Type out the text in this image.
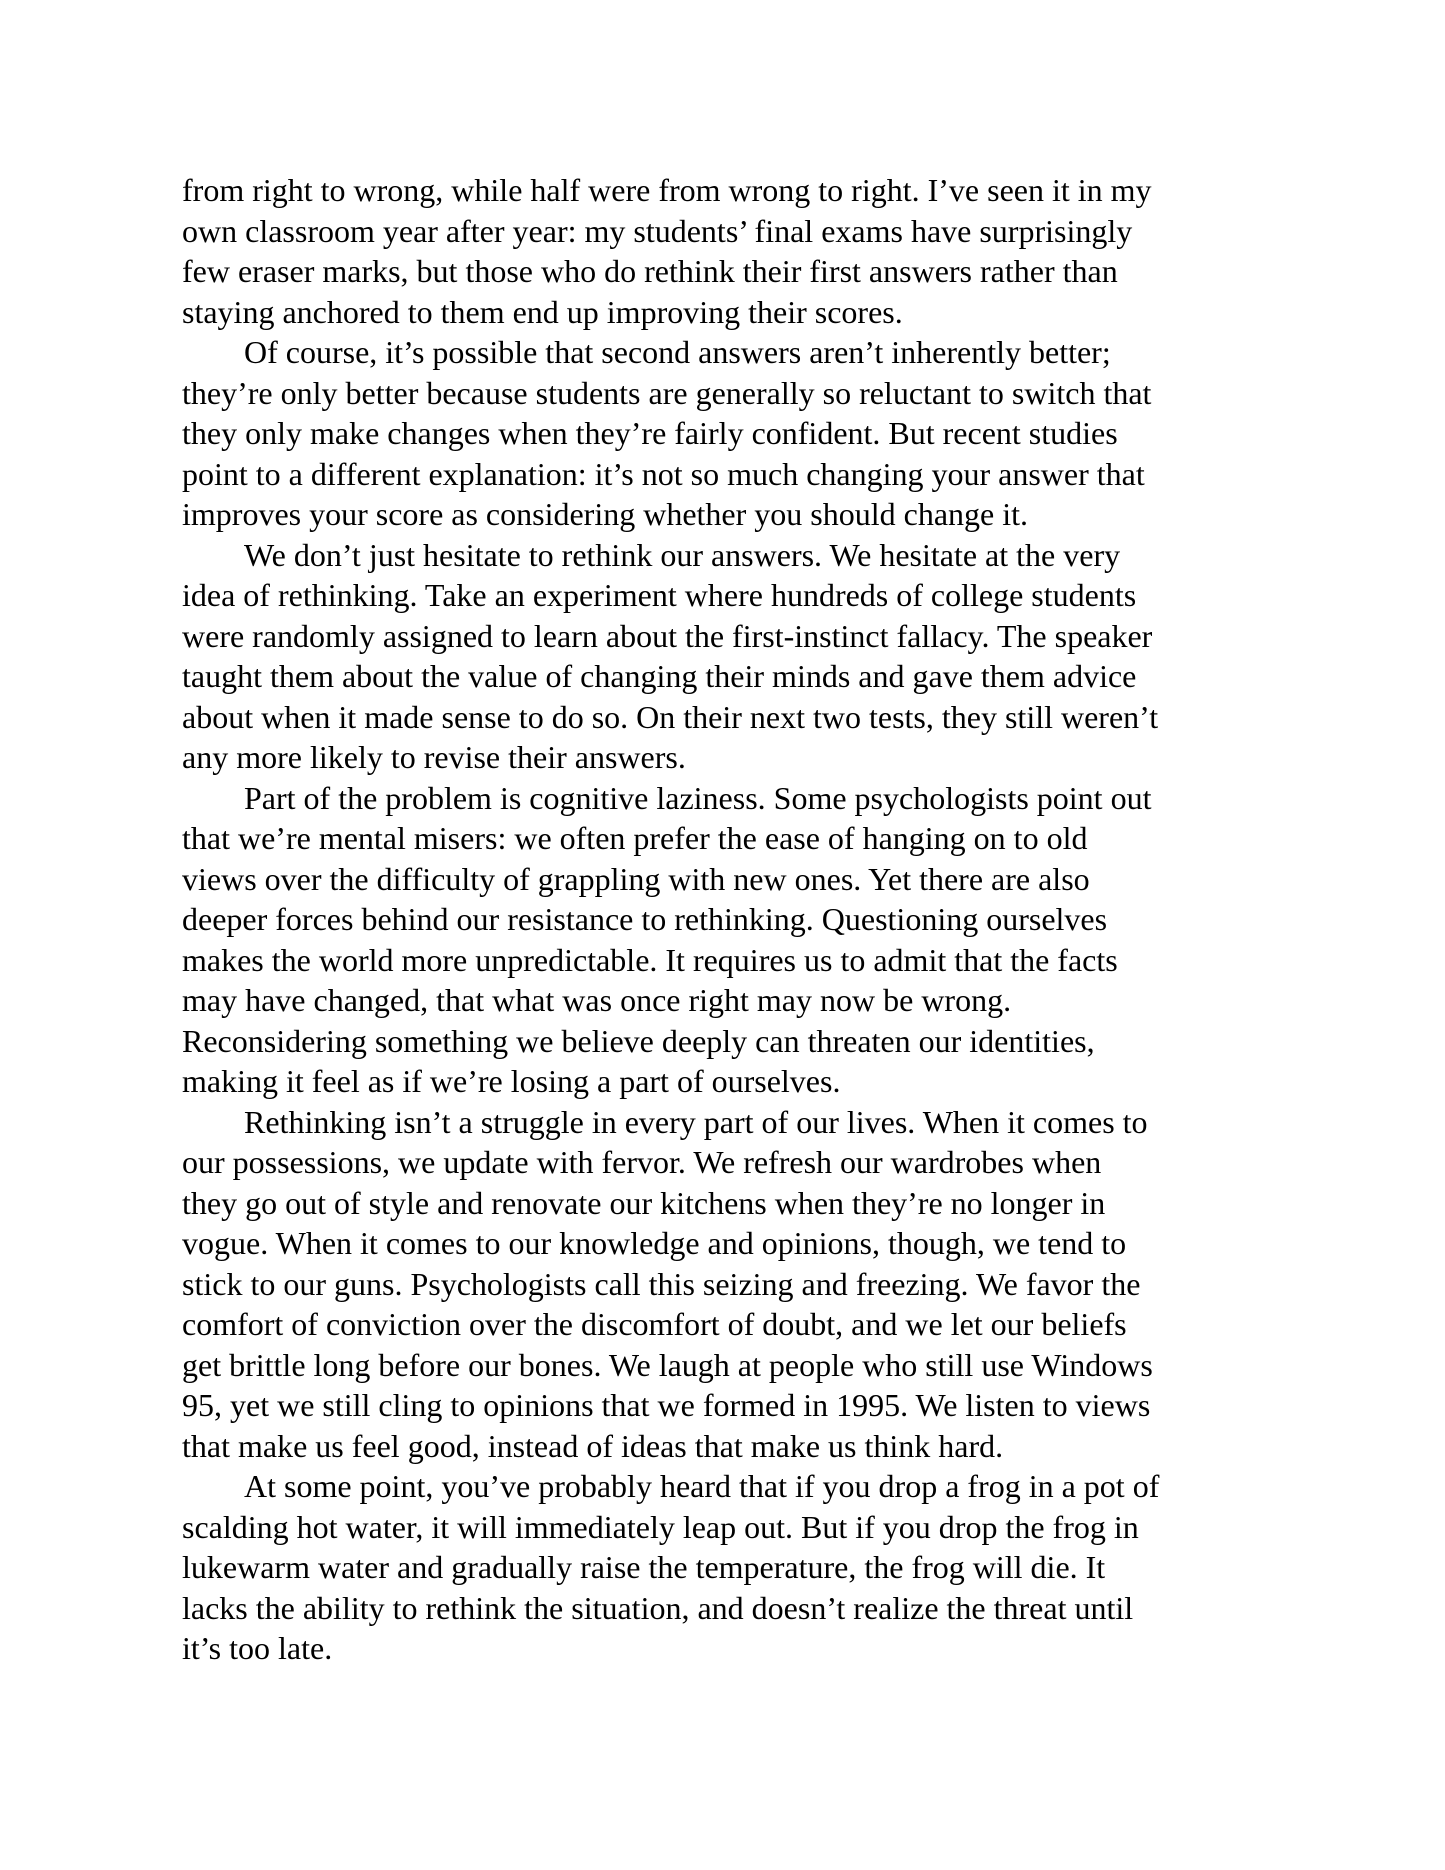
from right to wrong, while half were from wrong to right. I’ve seen it in my
own classroom year after year: my students’ final exams have surprisingly
few eraser marks, but those who do rethink their first answers rather than
staying anchored to them end up improving their scores.
Of course, it’s possible that second answers aren’t inherently better;
they’re only better because students are generally so reluctant to switch that
they only make changes when they’re fairly confident. But recent studies
point to a different explanation: it’s not so much changing your answer that
improves your score as considering whether you should change it.
We don’t just hesitate to rethink our answers. We hesitate at the very
idea of rethinking. Take an experiment where hundreds of college students
were randomly assigned to learn about the first-instinct fallacy. The speaker
taught them about the value of changing their minds and gave them advice
about when it made sense to do so. On their next two tests, they still weren’t
any more likely to revise their answers.
Part of the problem is cognitive laziness. Some psychologists point out
that we’re mental misers: we often prefer the ease of hanging on to old
views over the difficulty of grappling with new ones. Yet there are also
deeper forces behind our resistance to rethinking. Questioning ourselves
makes the world more unpredictable. It requires us to admit that the facts
may have changed, that what was once right may now be wrong.
Reconsidering something we believe deeply can threaten our identities,
making it feel as if we’re losing a part of ourselves.
Rethinking isn’t a struggle in every part of our lives. When it comes to
our possessions, we update with fervor. We refresh our wardrobes when
they go out of style and renovate our kitchens when they’re no longer in
vogue. When it comes to our knowledge and opinions, though, we tend to
stick to our guns. Psychologists call this seizing and freezing. We favor the
comfort of conviction over the discomfort of doubt, and we let our beliefs
get brittle long before our bones. We laugh at people who still use Windows
95, yet we still cling to opinions that we formed in 1995. We listen to views
that make us feel good, instead of ideas that make us think hard.
At some point, you’ve probably heard that if you drop a frog in a pot of
scalding hot water, it will immediately leap out. But if you drop the frog in
lukewarm water and gradually raise the temperature, the frog will die. It
lacks the ability to rethink the situation, and doesn’t realize the threat until
it’s too late.
